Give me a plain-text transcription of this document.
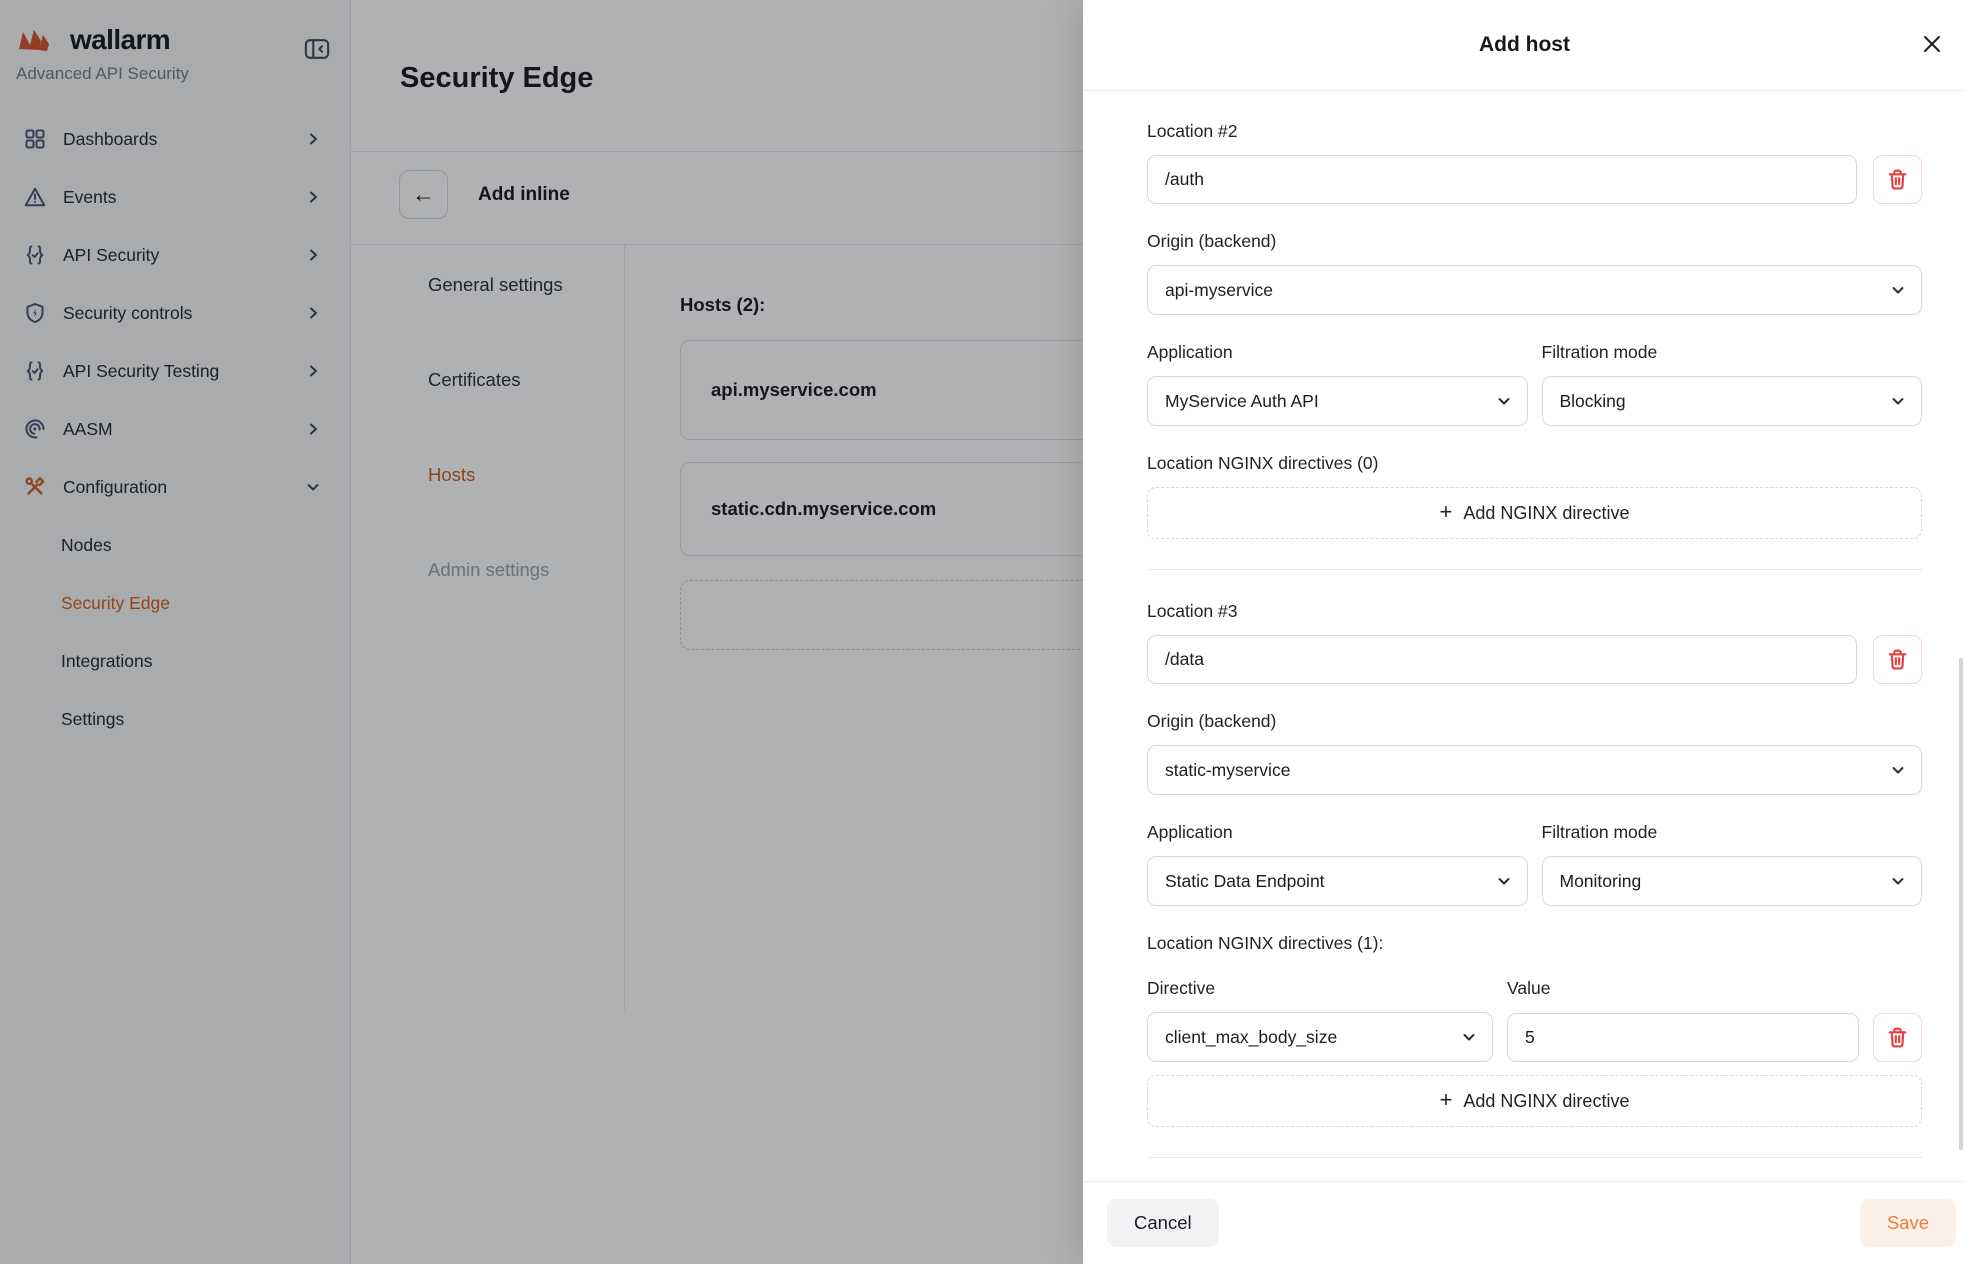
wallarm
Advanced API Security
Dashboards
Events
API Security
Security controls
API Security Testing
AASM
Configuration
Nodes
Security Edge
Integrations
Settings
Security Edge
← Add inline
General settings
Certificates
Hosts
Admin settings
Hosts (2):
api.myservice.com
static.cdn.myservice.com
Add host
Location #2
/auth
Origin (backend)
api-myservice
Application
MyService Auth API
Filtration mode
Blocking
Location NGINX directives (0)
+ Add NGINX directive
Location #3
/data
Origin (backend)
static-myservice
Application
Static Data Endpoint
Filtration mode
Monitoring
Location NGINX directives (1):
Directive	Value
client_max_body_size
5
+ Add NGINX directive
Cancel	Save
